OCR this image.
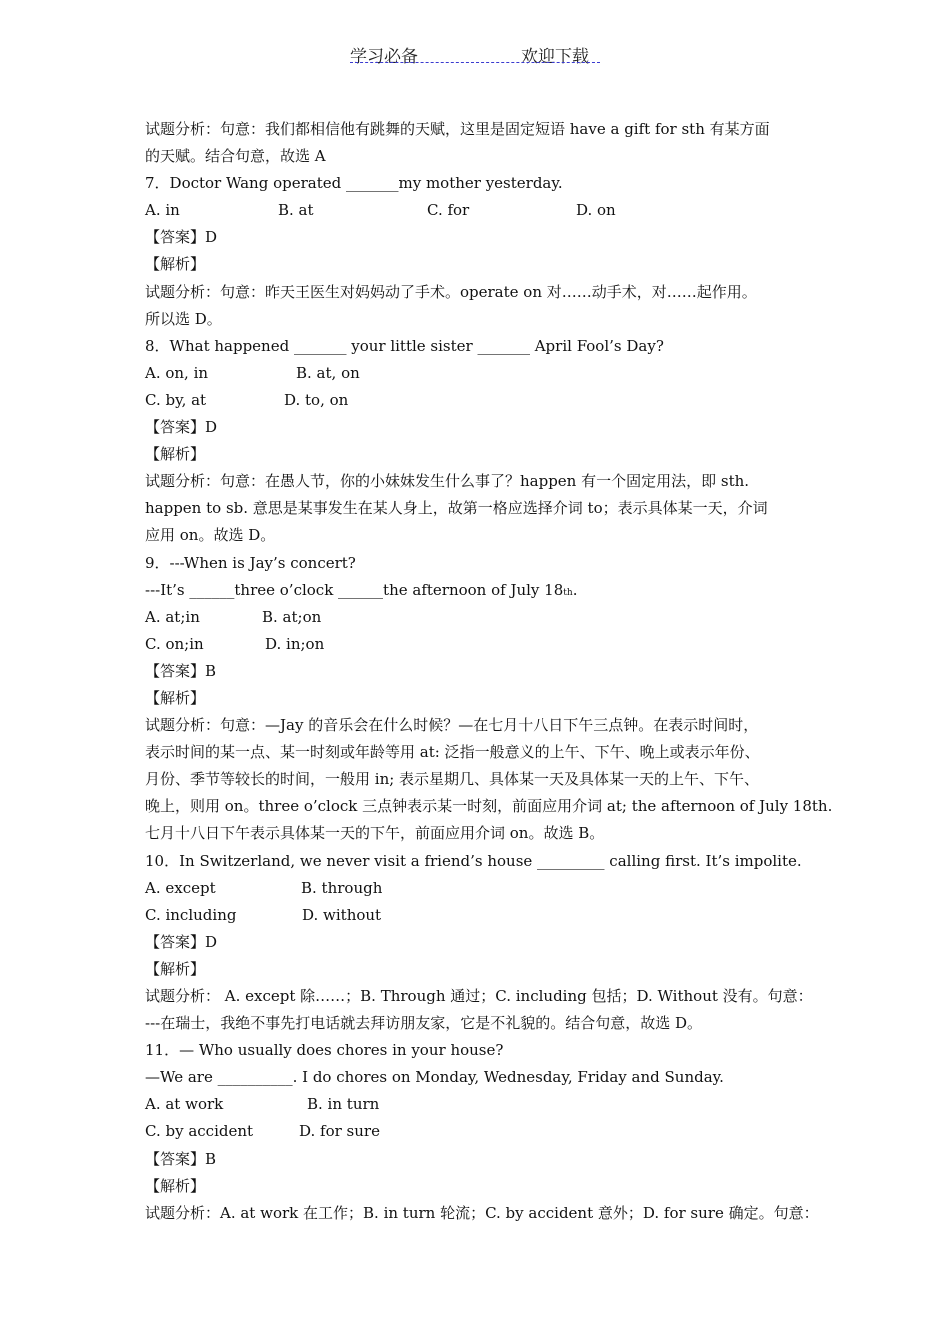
学习必备	欢迎下载
试题分析：句意：我们都相信他有跳舞的天赋，这里是固定短语 have a gift for sth 有某方面
的天赋。结合句意，故选 A
7．Doctor Wang operated _______my mother yesterday.
A. in	B. at	C. for	D. on
【答案】D
【解析】
试题分析：句意：昨天王医生对妈妈动了手术。operate on 对……动手术，对……起作用。
所以选 D。
8．What happened _______ your little sister _______ April Fool’s Day?
A. on, in	B. at, on
C. by, at	D. to, on
【答案】D
【解析】
试题分析：句意：在愚人节，你的小妹妹发生什么事了？happen 有一个固定用法，即 sth.
happen to sb. 意思是某事发生在某人身上，故第一格应选择介词 to；表示具体某一天，介词
应用 on。故选 D。
9．---When is Jay’s concert?
---It’s ______three o’clock ______the afternoon of July 18th.
A. at;in	B. at;on
C. on;in	D. in;on
【答案】B
【解析】
试题分析：句意：—Jay 的音乐会在什么时候？—在七月十八日下午三点钟。在表示时间时，
表示时间的某一点、某一时刻或年龄等用 at: 泛指一般意义的上午、下午、晚上或表示年份、
月份、季节等较长的时间，一般用 in; 表示星期几、具体某一天及具体某一天的上午、下午、
晚上，则用 on。three o’clock 三点钟表示某一时刻，前面应用介词 at; the afternoon of July 18th.
七月十八日下午表示具体某一天的下午，前面应用介词 on。故选 B。
10．In Switzerland, we never visit a friend’s house _________ calling first. It’s impolite.
A. except	B. through
C. including	D. without
【答案】D
【解析】
试题分析： A. except 除……；B. Through 通过；C. including 包括；D. Without 没有。句意：
---在瑞士，我绝不事先打电话就去拜访朋友家，它是不礼貌的。结合句意，故选 D。
11．— Who usually does chores in your house?
—We are __________. I do chores on Monday, Wednesday, Friday and Sunday.
A. at work	B. in turn
C. by accident	D. for sure
【答案】B
【解析】
试题分析：A. at work 在工作；B. in turn 轮流；C. by accident 意外；D. for sure 确定。句意：
